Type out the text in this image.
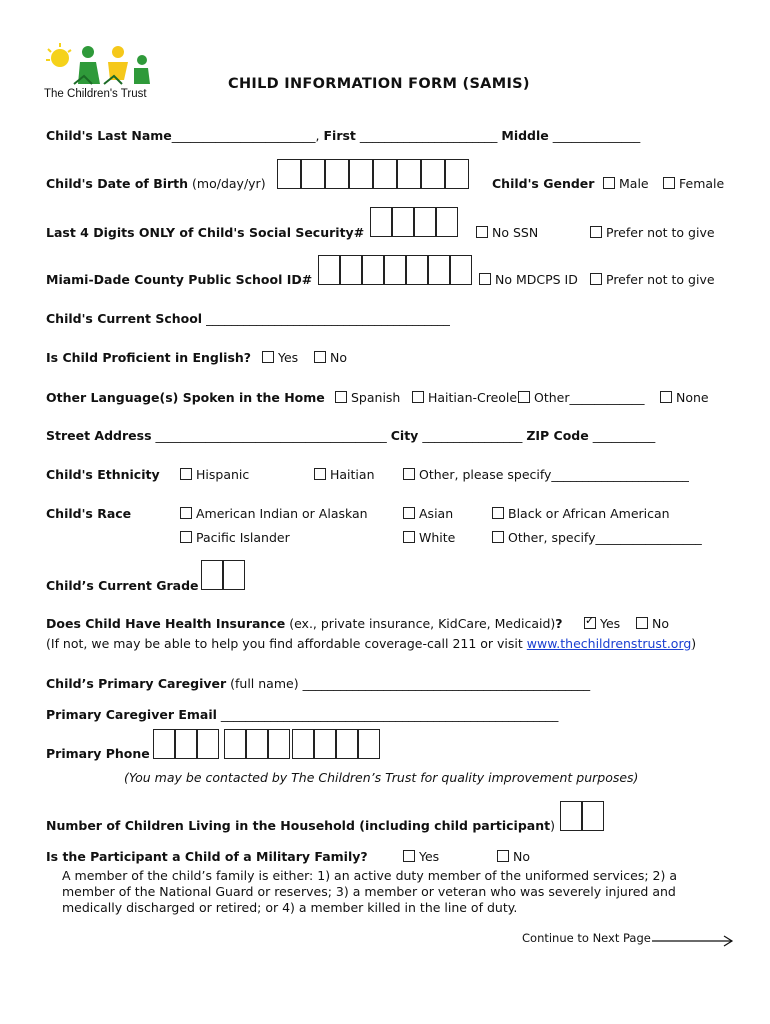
The Children's Trust
CHILD INFORMATION FORM (SAMIS)
Child's Last Name_______________________, First ______________________ Middle ______________
Child's Date of Birth (mo/day/yr)	Child's Gender	Male	Female
Last 4 Digits ONLY of Child's Social Security#	No SSN	Prefer not to give
Miami-Dade County Public School ID#	No MDCPS ID	Prefer not to give
Child's Current School _______________________________________
Is Child Proficient in English?	Yes	No
Other Language(s) Spoken in the Home	Spanish	Haitian-Creole	Other____________	None
Street Address _____________________________________ City ________________ ZIP Code __________
Child's Ethnicity	Hispanic	Haitian	Other, please specify______________________
Child's Race	American Indian or Alaskan	Asian	Black or African American
Pacific Islander	White	Other, specify_________________
Child’s Current Grade
Does Child Have Health Insurance (ex., private insurance, KidCare, Medicaid)?
✓	Yes	No
(If not, we may be able to help you find affordable coverage-call 211 or visit www.thechildrenstrust.org)
Child’s Primary Caregiver (full name) ______________________________________________
Primary Caregiver Email ______________________________________________________
Primary Phone
(You may be contacted by The Children’s Trust for quality improvement purposes)
Number of Children Living in the Household (including child participant)
Is the Participant a Child of a Military Family?	Yes	No
A member of the child’s family is either: 1) an active duty member of the uniformed services; 2) a
member of the National Guard or reserves; 3) a member or veteran who was severely injured and
medically discharged or retired; or 4) a member killed in the line of duty.
Continue to Next Page
